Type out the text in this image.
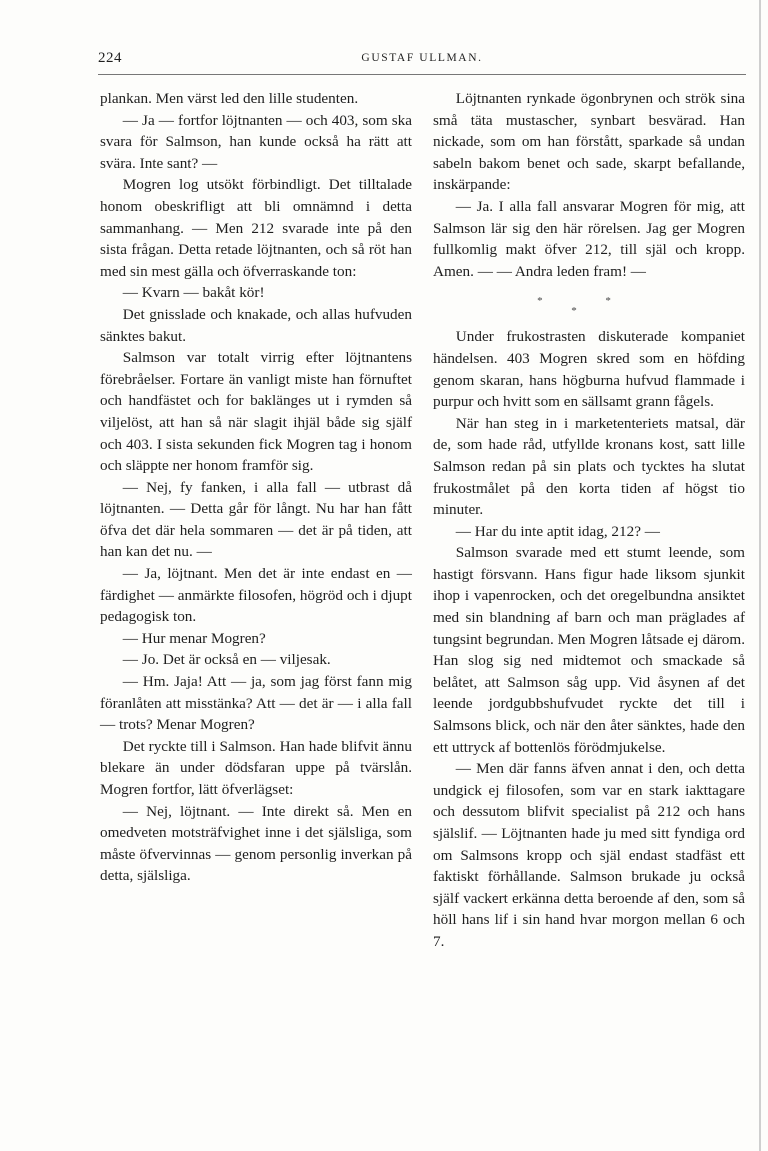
224	GUSTAF ULLMAN.

plankan. Men värst led den lille studenten.

— Ja — fortfor löjtnanten — och 403, som ska svara för Salmson, han kunde också ha rätt att svära. Inte sant? —

Mogren log utsökt förbindligt. Det tilltalade honom obeskrifligt att bli omnämnd i detta sammanhang. — Men 212 svarade inte på den sista frågan. Detta retade löjtnanten, och så röt han med sin mest gälla och öfverraskande ton:

— Kvarn — bakåt kör!

Det gnisslade och knakade, och allas hufvuden sänktes bakut.

Salmson var totalt virrig efter löjtnantens förebråelser. Fortare än vanligt miste han förnuftet och handfästet och for baklänges ut i rymden så viljelöst, att han så när slagit ihjäl både sig själf och 403. I sista sekunden fick Mogren tag i honom och släppte ner honom framför sig.

— Nej, fy fanken, i alla fall — utbrast då löjtnanten. — Detta går för långt. Nu har han fått öfva det där hela sommaren — det är på tiden, att han kan det nu. —

— Ja, löjtnant. Men det är inte endast en — färdighet — anmärkte filosofen, högröd och i djupt pedagogisk ton.

— Hur menar Mogren?

— Jo. Det är också en — viljesak.

— Hm. Jaja! Att — ja, som jag först fann mig föranlåten att misstänka? Att — det är — i alla fall — trots? Menar Mogren?

Det ryckte till i Salmson. Han hade blifvit ännu blekare än under dödsfaran uppe på tvärslån. Mogren fortfor, lätt öfverlägset:

— Nej, löjtnant. — Inte direkt så. Men en omedveten motsträfvighet inne i det själsliga, som måste öfvervinnas — genom personlig inverkan på detta, själsliga.

Löjtnanten rynkade ögonbrynen och strök sina små täta mustascher, synbart besvärad. Han nickade, som om han förstått, sparkade så undan sabeln bakom benet och sade, skarpt befallande, inskärpande:

— Ja. I alla fall ansvarar Mogren för mig, att Salmson lär sig den här rörelsen. Jag ger Mogren fullkomlig makt öfver 212, till själ och kropp. Amen. — — Andra leden fram! —

* *
*

Under frukostrasten diskuterade kompaniet händelsen. 403 Mogren skred som en höfding genom skaran, hans högburna hufvud flammade i purpur och hvitt som en sällsamt grann fågels.

När han steg in i marketenteriets matsal, där de, som hade råd, utfyllde kronans kost, satt lille Salmson redan på sin plats och tycktes ha slutat frukostmålet på den korta tiden af högst tio minuter.

— Har du inte aptit idag, 212? —

Salmson svarade med ett stumt leende, som hastigt försvann. Hans figur hade liksom sjunkit ihop i vapenrocken, och det oregelbundna ansiktet med sin blandning af barn och man präglades af tungsint begrundan. Men Mogren låtsade ej därom. Han slog sig ned midtemot och smackade så belåtet, att Salmson såg upp. Vid åsynen af det leende jordgubbshufvudet ryckte det till i Salmsons blick, och när den åter sänktes, hade den ett uttryck af bottenlös förödmjukelse.

— Men där fanns äfven annat i den, och detta undgick ej filosofen, som var en stark iakttagare och dessutom blifvit specialist på 212 och hans själslif. — Löjtnanten hade ju med sitt fyndiga ord om Salmsons kropp och själ endast stadfäst ett faktiskt förhållande. Salmson brukade ju också själf vackert erkänna detta beroende af den, som så höll hans lif i sin hand hvar morgon mellan 6 och 7.
